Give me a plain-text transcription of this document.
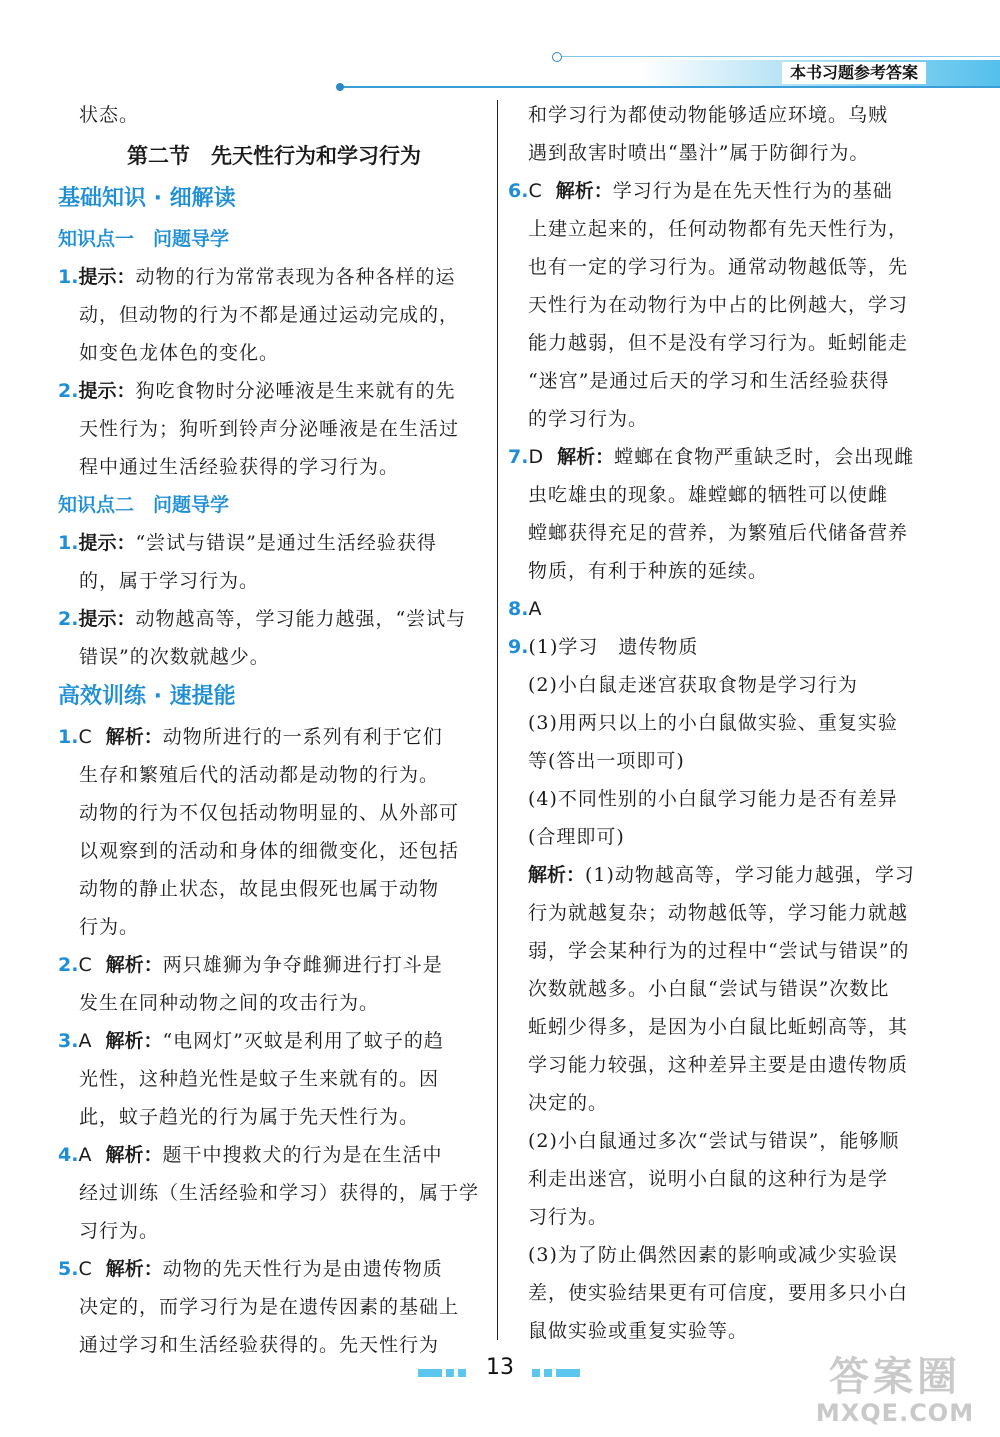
本书习题参考答案
状态。
第二节　先天性行为和学习行为
基础知识 · 细解读
知识点一　问题导学
1.提示：动物的行为常常表现为各种各样的运
动，但动物的行为不都是通过运动完成的，
如变色龙体色的变化。
2.提示：狗吃食物时分泌唾液是生来就有的先
天性行为；狗听到铃声分泌唾液是在生活过
程中通过生活经验获得的学习行为。
知识点二　问题导学
1.提示：“尝试与错误”是通过生活经验获得
的，属于学习行为。
2.提示：动物越高等，学习能力越强，“尝试与
错误”的次数就越少。
高效训练 · 速提能
1.C 解析：动物所进行的一系列有利于它们
生存和繁殖后代的活动都是动物的行为。
动物的行为不仅包括动物明显的、从外部可
以观察到的活动和身体的细微变化，还包括
动物的静止状态，故昆虫假死也属于动物
行为。
2.C 解析：两只雄狮为争夺雌狮进行打斗是
发生在同种动物之间的攻击行为。
3.A 解析：“电网灯”灭蚊是利用了蚊子的趋
光性，这种趋光性是蚊子生来就有的。因
此，蚊子趋光的行为属于先天性行为。
4.A 解析：题干中搜救犬的行为是在生活中
经过训练（生活经验和学习）获得的，属于学
习行为。
5.C 解析：动物的先天性行为是由遗传物质
决定的，而学习行为是在遗传因素的基础上
通过学习和生活经验获得的。先天性行为
和学习行为都使动物能够适应环境。乌贼
遇到敌害时喷出“墨汁”属于防御行为。
6.C 解析：学习行为是在先天性行为的基础
上建立起来的，任何动物都有先天性行为，
也有一定的学习行为。通常动物越低等，先
天性行为在动物行为中占的比例越大，学习
能力越弱，但不是没有学习行为。蚯蚓能走
“迷宫”是通过后天的学习和生活经验获得
的学习行为。
7.D 解析：螳螂在食物严重缺乏时，会出现雌
虫吃雄虫的现象。雄螳螂的牺牲可以使雌
螳螂获得充足的营养，为繁殖后代储备营养
物质，有利于种族的延续。
8.A
9.(1)学习　遗传物质
(2)小白鼠走迷宫获取食物是学习行为
(3)用两只以上的小白鼠做实验、重复实验
等(答出一项即可)
(4)不同性别的小白鼠学习能力是否有差异
(合理即可)
解析：(1)动物越高等，学习能力越强，学习
行为就越复杂；动物越低等，学习能力就越
弱，学会某种行为的过程中“尝试与错误”的
次数就越多。小白鼠“尝试与错误”次数比
蚯蚓少得多，是因为小白鼠比蚯蚓高等，其
学习能力较强，这种差异主要是由遗传物质
决定的。
(2)小白鼠通过多次“尝试与错误”，能够顺
利走出迷宫，说明小白鼠的这种行为是学
习行为。
(3)为了防止偶然因素的影响或减少实验误
差，使实验结果更有可信度，要用多只小白
鼠做实验或重复实验等。
13	答案圈
MXQE.COM
